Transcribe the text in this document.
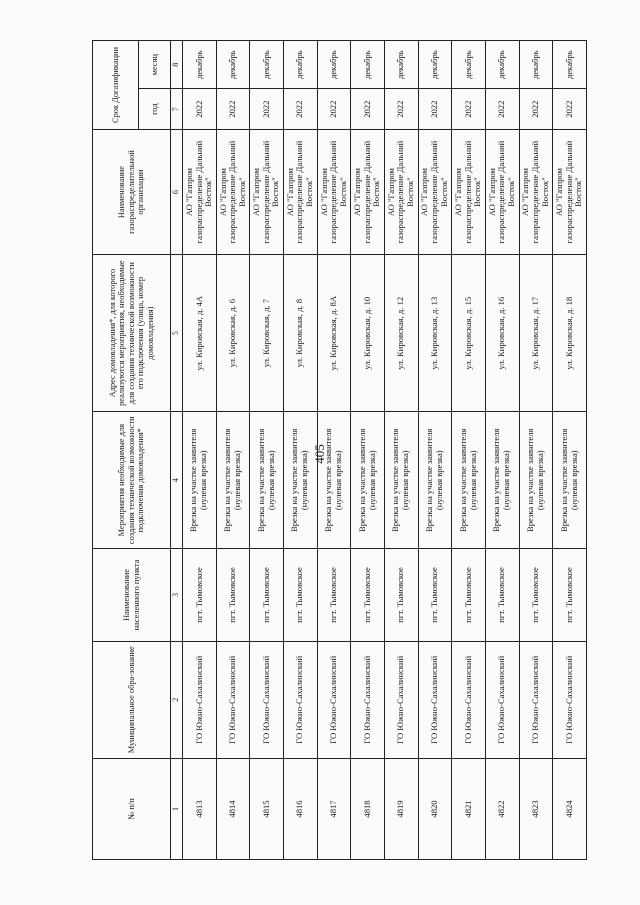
405
№ п/п	Муниципальное обра-зование	Наименование населенного пункта	Мероприятия необходимые для создания технической возможности подключения домовладения*	Адрес домовладения*, для которого реализуются мероприятия, необходимые для создания технической возможности его подключения (улица, номер домовладения)	Наименование газораспределительной организации	Срок Догазификации	
						год	месяц
1	2	3	4	5	6	7	8
4813	ГО Южно-Сахалинский	пгт. Тымовское	Врезка на участке заявителя (нулевая врезка)	ул. Кировская, д. 4А	АО "Газпром газораспределение Дальний Восток"	2022	декабрь
4814	ГО Южно-Сахалинский	пгт. Тымовское	Врезка на участке заявителя (нулевая врезка)	ул. Кировская, д. 6	АО "Газпром газораспределение Дальний Восток"	2022	декабрь
4815	ГО Южно-Сахалинский	пгт. Тымовское	Врезка на участке заявителя (нулевая врезка)	ул. Кировская, д. 7	АО "Газпром газораспределение Дальний Восток"	2022	декабрь
4816	ГО Южно-Сахалинский	пгт. Тымовское	Врезка на участке заявителя (нулевая врезка)	ул. Кировская, д. 8	АО "Газпром газораспределение Дальний Восток"	2022	декабрь
4817	ГО Южно-Сахалинский	пгт. Тымовское	Врезка на участке заявителя (нулевая врезка)	ул. Кировская, д. 8А	АО "Газпром газораспределение Дальний Восток"	2022	декабрь
4818	ГО Южно-Сахалинский	пгт. Тымовское	Врезка на участке заявителя (нулевая врезка)	ул. Кировская, д. 10	АО "Газпром газораспределение Дальний Восток"	2022	декабрь
4819	ГО Южно-Сахалинский	пгт. Тымовское	Врезка на участке заявителя (нулевая врезка)	ул. Кировская, д. 12	АО "Газпром газораспределение Дальний Восток"	2022	декабрь
4820	ГО Южно-Сахалинский	пгт. Тымовское	Врезка на участке заявителя (нулевая врезка)	ул. Кировская, д. 13	АО "Газпром газораспределение Дальний Восток"	2022	декабрь
4821	ГО Южно-Сахалинский	пгт. Тымовское	Врезка на участке заявителя (нулевая врезка)	ул. Кировская, д. 15	АО "Газпром газораспределение Дальний Восток"	2022	декабрь
4822	ГО Южно-Сахалинский	пгт. Тымовское	Врезка на участке заявителя (нулевая врезка)	ул. Кировская, д. 16	АО "Газпром газораспределение Дальний Восток"	2022	декабрь
4823	ГО Южно-Сахалинский	пгт. Тымовское	Врезка на участке заявителя (нулевая врезка)	ул. Кировская, д. 17	АО "Газпром газораспределение Дальний Восток"	2022	декабрь
4824	ГО Южно-Сахалинский	пгт. Тымовское	Врезка на участке заявителя (нулевая врезка)	ул. Кировская, д. 18	АО "Газпром газораспределение Дальний Восток"	2022	декабрь
